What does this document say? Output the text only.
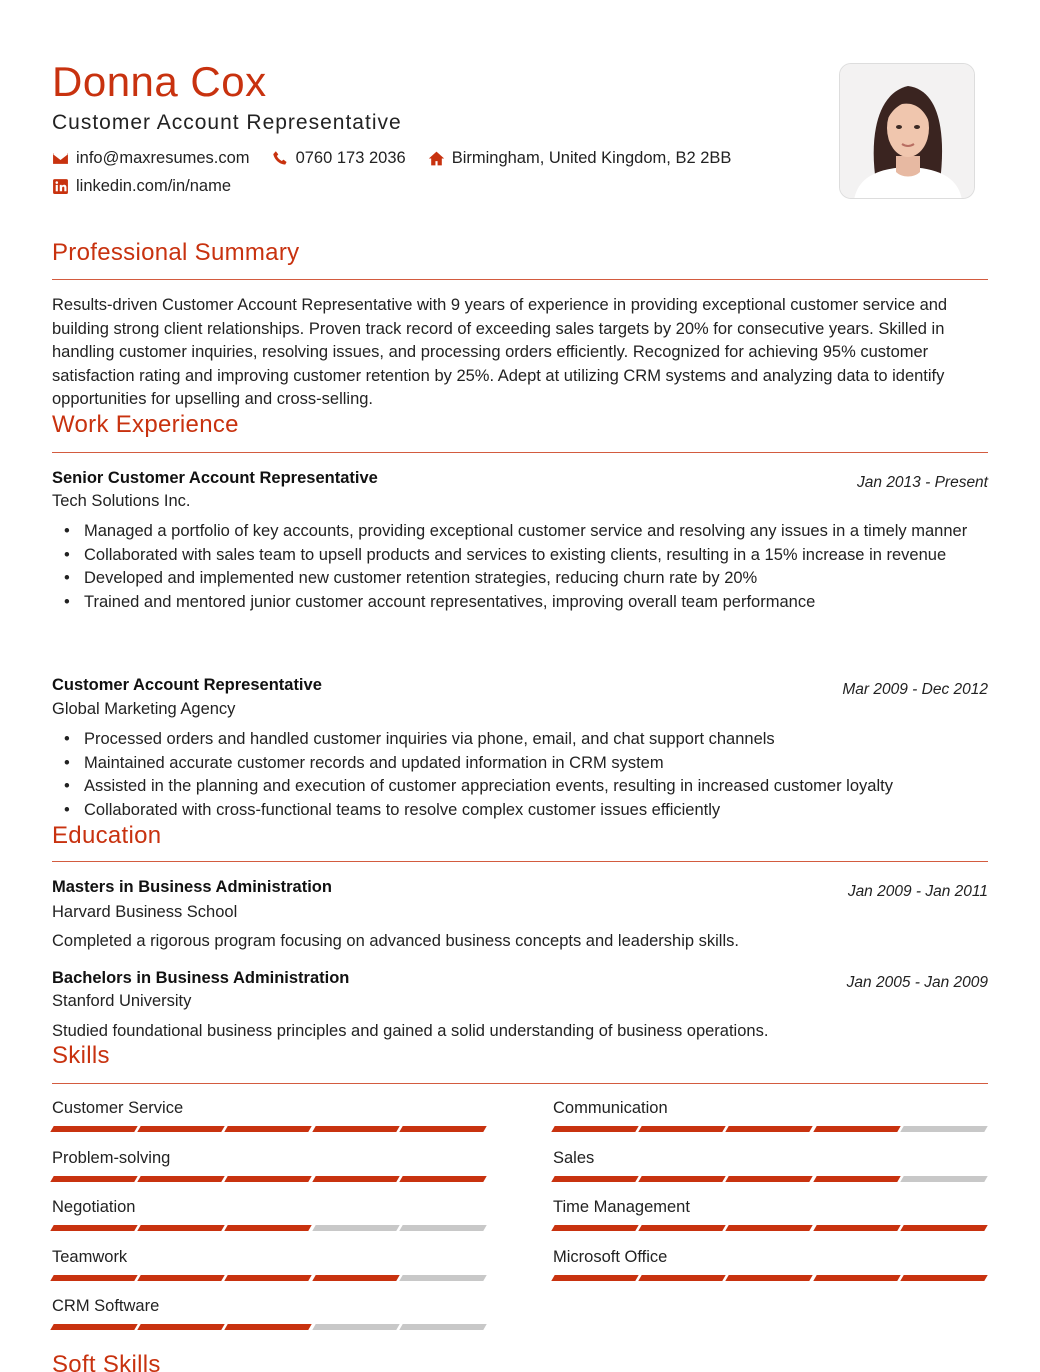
Donna Cox
Customer Account Representative
info@maxresumes.com	0760 173 2036	Birmingham, United Kingdom, B2 2BB
linkedin.com/in/name
Professional Summary

Results-driven Customer Account Representative with 9 years of experience in providing exceptional customer service and building strong client relationships. Proven track record of exceeding sales targets by 20% for consecutive years. Skilled in handling customer inquiries, resolving issues, and processing orders efficiently. Recognized for achieving 95% customer satisfaction rating and improving customer retention by 25%. Adept at utilizing CRM systems and analyzing data to identify opportunities for upselling and cross-selling.

Work Experience
Senior Customer Account Representative	Jan 2013 - Present
Tech Solutions Inc.
• Managed a portfolio of key accounts, providing exceptional customer service and resolving any issues in a timely manner
• Collaborated with sales team to upsell products and services to existing clients, resulting in a 15% increase in revenue
• Developed and implemented new customer retention strategies, reducing churn rate by 20%
• Trained and mentored junior customer account representatives, improving overall team performance
Customer Account Representative	Mar 2009 - Dec 2012
Global Marketing Agency
• Processed orders and handled customer inquiries via phone, email, and chat support channels
• Maintained accurate customer records and updated information in CRM system
• Assisted in the planning and execution of customer appreciation events, resulting in increased customer loyalty
• Collaborated with cross-functional teams to resolve complex customer issues efficiently
Education
Masters in Business Administration	Jan 2009 - Jan 2011
Harvard Business School
Completed a rigorous program focusing on advanced business concepts and leadership skills.
Bachelors in Business Administration	Jan 2005 - Jan 2009
Stanford University
Studied foundational business principles and gained a solid understanding of business operations.
Skills
Customer Service	Communication
Problem-solving	Sales
Negotiation	Time Management
Teamwork	Microsoft Office
CRM Software
Soft Skills
